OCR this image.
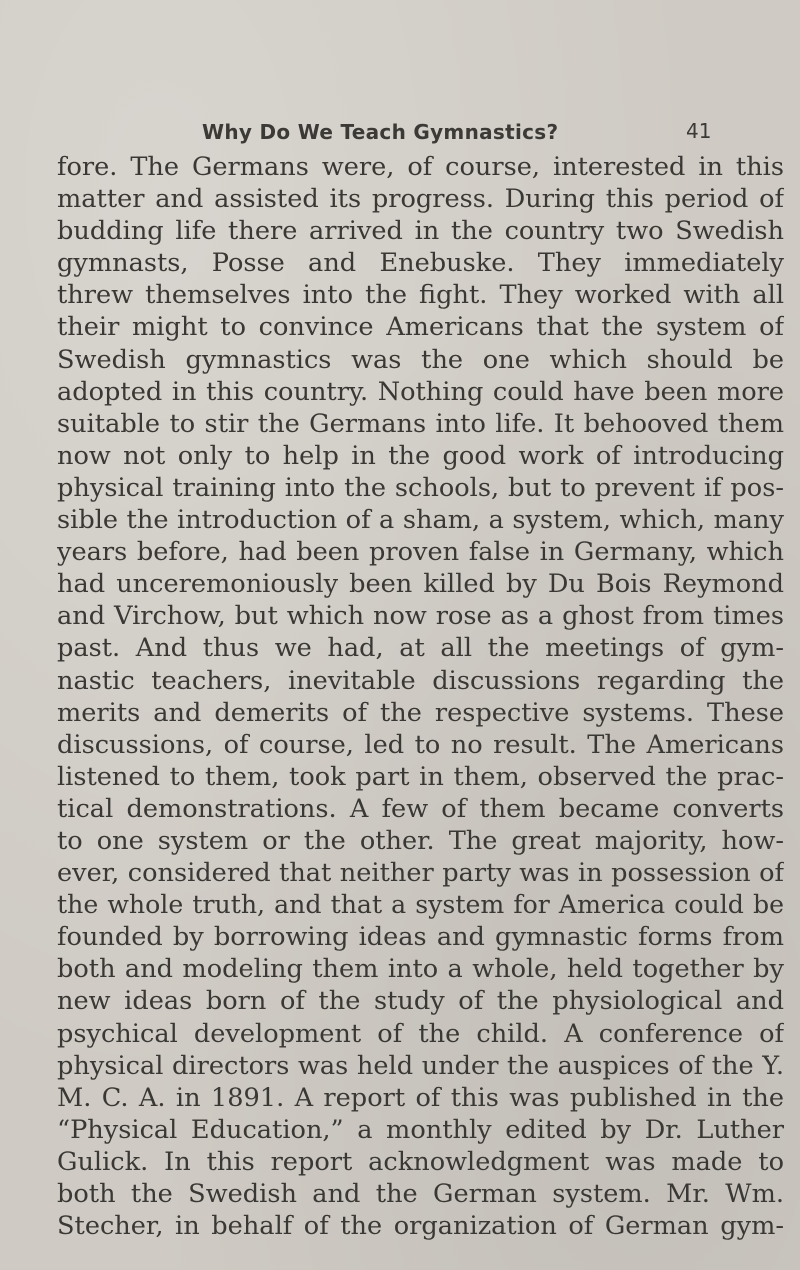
Why Do We Teach Gymnastics?	41
fore. The Germans were, of course, interested in this
matter and assisted its progress. During this period of
budding life there arrived in the country two Swedish
gymnasts, Posse and Enebuske. They immediately
threw themselves into the fight. They worked with all
their might to convince Americans that the system of
Swedish gymnastics was the one which should be
adopted in this country. Nothing could have been more
suitable to stir the Germans into life. It behooved them
now not only to help in the good work of introducing
physical training into the schools, but to prevent if pos-
sible the introduction of a sham, a system, which, many
years before, had been proven false in Germany, which
had unceremoniously been killed by Du Bois Reymond
and Virchow, but which now rose as a ghost from times
past. And thus we had, at all the meetings of gym-
nastic teachers, inevitable discussions regarding the
merits and demerits of the respective systems. These
discussions, of course, led to no result. The Americans
listened to them, took part in them, observed the prac-
tical demonstrations. A few of them became converts
to one system or the other. The great majority, how-
ever, considered that neither party was in possession of
the whole truth, and that a system for America could be
founded by borrowing ideas and gymnastic forms from
both and modeling them into a whole, held together by
new ideas born of the study of the physiological and
psychical development of the child. A conference of
physical directors was held under the auspices of the Y.
M. C. A. in 1891. A report of this was published in the
“Physical Education,” a monthly edited by Dr. Luther
Gulick. In this report acknowledgment was made to
both the Swedish and the German system. Mr. Wm.
Stecher, in behalf of the organization of German gym-
